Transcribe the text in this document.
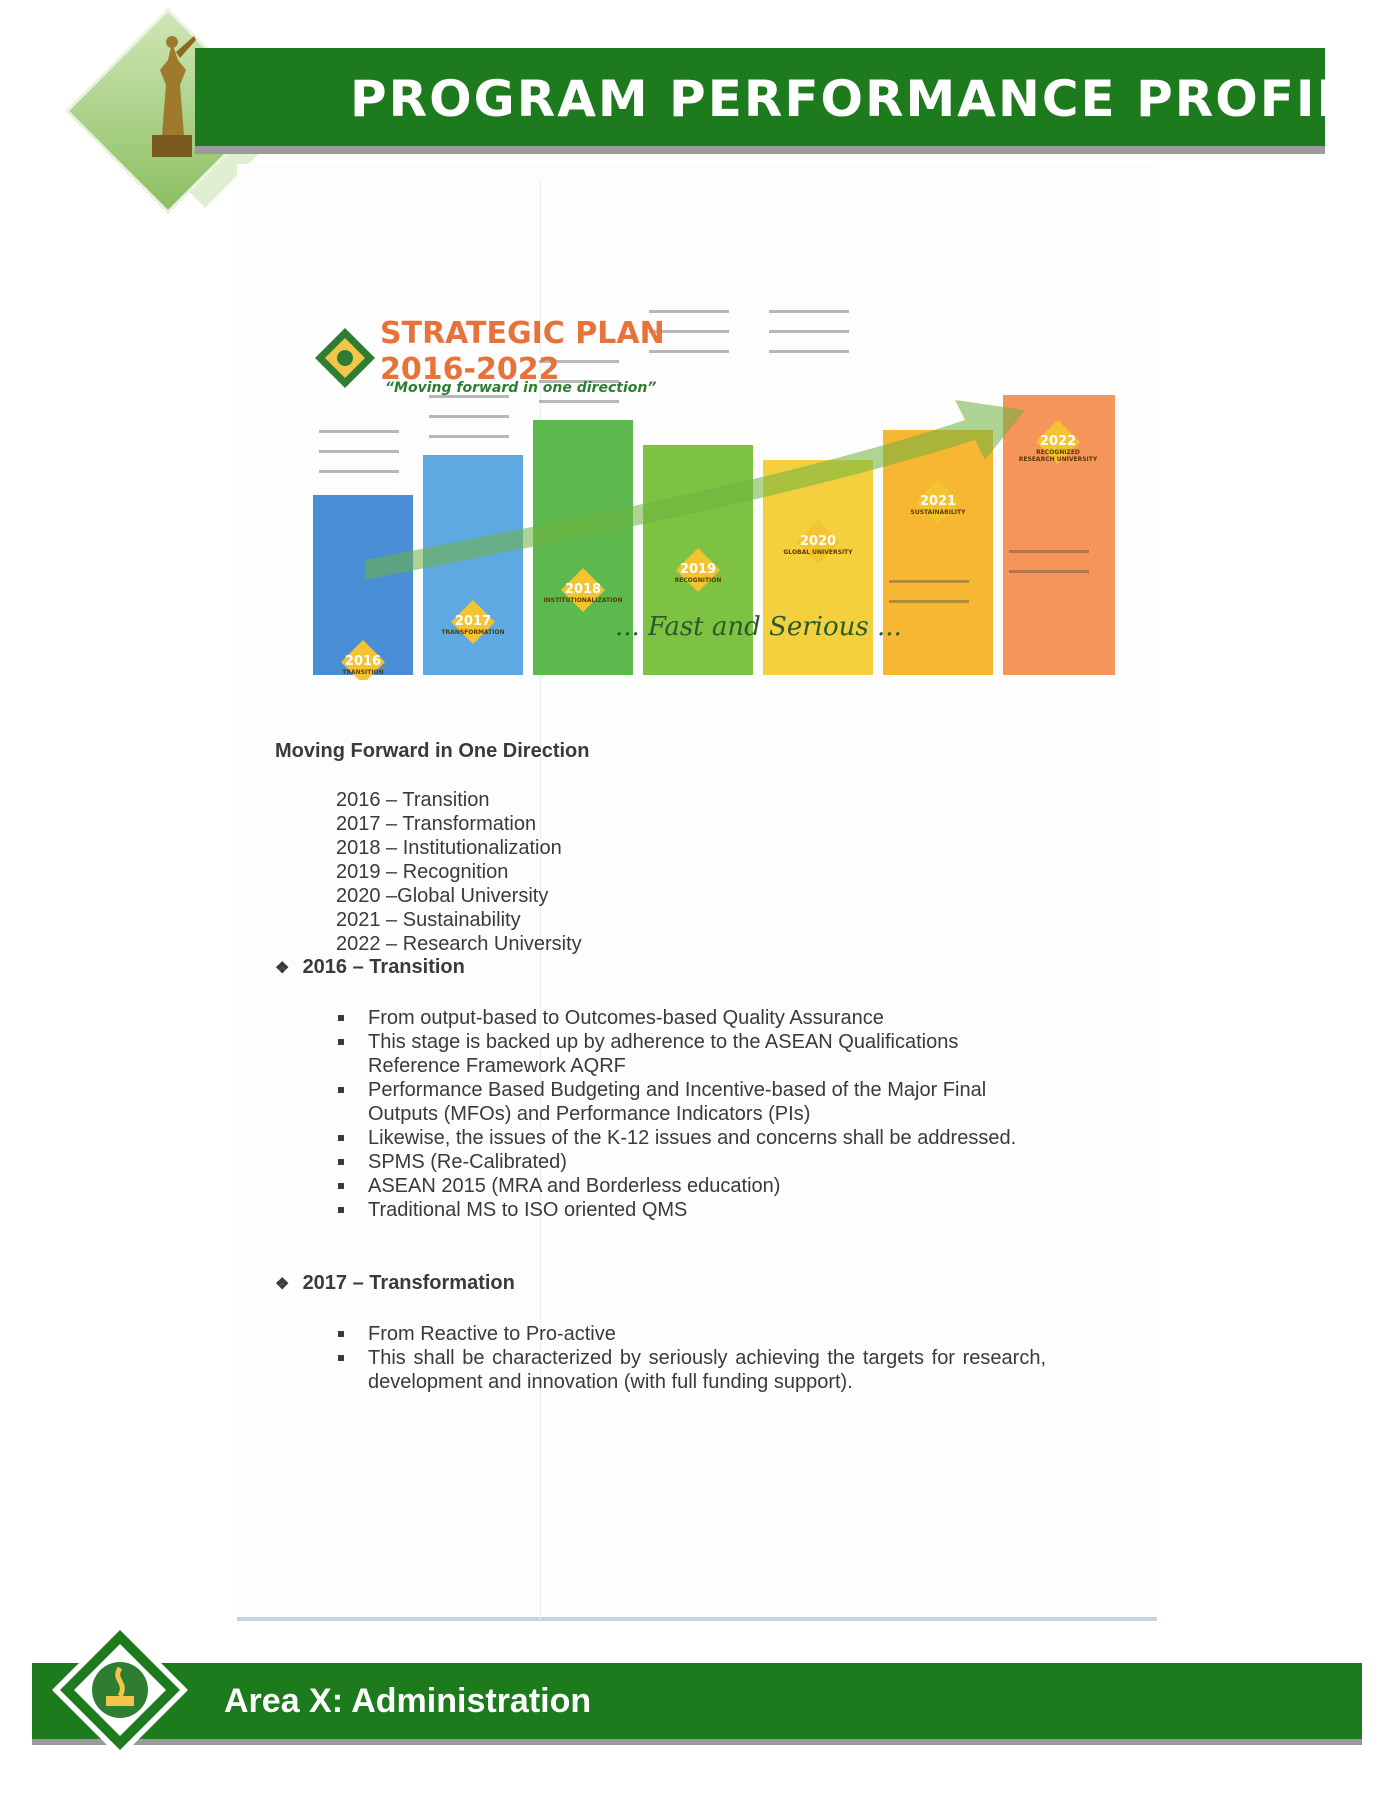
PROGRAM PERFORMANCE PROFILE
STRATEGIC PLAN
2016-2022
“Moving forward in one direction”
... Fast and Serious ...
2016
2017
2018
2019
2020
2021
2022
TRANSITION
TRANSFORMATION
INSTITUTIONALIZATION
RECOGNITION
GLOBAL UNIVERSITY
SUSTAINABILITY
RECOGNIZED RESEARCH UNIVERSITY
Moving Forward in One Direction
2016 – Transition
2017 – Transformation
2018 – Institutionalization
2019 – Recognition
2020 –Global University
2021 – Sustainability
2022 – Research University
❖ 2016 – Transition
From output-based to Outcomes-based Quality Assurance
This stage is backed up by adherence to the ASEAN Qualifications Reference Framework AQRF
Performance Based Budgeting and Incentive-based of the Major Final Outputs (MFOs) and Performance Indicators (PIs)
Likewise, the issues of the K-12 issues and concerns shall be addressed.
SPMS (Re-Calibrated)
ASEAN 2015 (MRA and Borderless education)
Traditional MS to ISO oriented QMS
❖ 2017 – Transformation
From Reactive to Pro-active
This shall be characterized by seriously achieving the targets for research, development and innovation (with full funding support).
Area X: Administration
